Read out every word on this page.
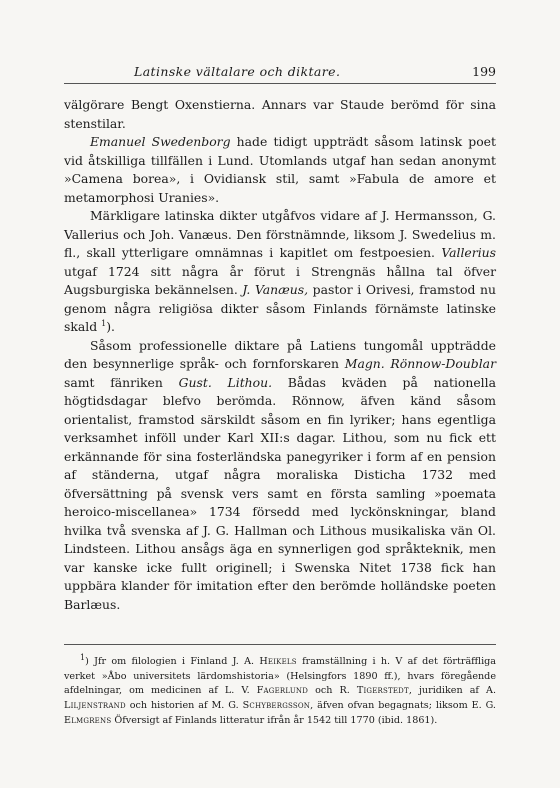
Latinske vältalare och diktare.	199

välgörare Bengt Oxenstierna. Annars var Staude berömd för sina stenstilar.

Emanuel Swedenborg hade tidigt uppträdt såsom latinsk poet vid åtskilliga tillfällen i Lund. Utomlands utgaf han sedan anonymt »Camena borea», i Ovidiansk stil, samt »Fabula de amore et metamorphosi Uranies».

Märkligare latinska dikter utgåfvos vidare af J. Hermansson, G. Vallerius och Joh. Vanæus. Den förstnämnde, liksom J. Swedelius m. fl., skall ytterligare omnämnas i kapitlet om festpoesien. Vallerius utgaf 1724 sitt några år förut i Strengnäs hållna tal öfver Augsburgiska bekännelsen. J. Vanæus, pastor i Orivesi, framstod nu genom några religiösa dikter såsom Finlands förnämste latinske skald $^1$).

Såsom professionelle diktare på Latiens tungomål uppträdde den besynnerlige språk- och fornforskaren Magn. Rönnow-Doublar samt fänriken Gust. Lithou. Bådas kväden på nationella högtidsdagar blefvo berömda. Rönnow, äfven känd såsom orientalist, framstod särskildt såsom en fin lyriker; hans egentliga verksamhet inföll under Karl XII:s dagar. Lithou, som nu fick ett erkännande för sina fosterländska panegyriker i form af en pension af ständerna, utgaf några moraliska Disticha 1732 med öfversättning på svensk vers samt en första samling »poemata heroico-miscellanea» 1734 försedd med lyckönskningar, bland hvilka två svenska af J. G. Hallman och Lithous musikaliska vän Ol. Lindsteen. Lithou ansågs äga en synnerligen god språkteknik, men var kanske icke fullt originell; i Swenska Nitet 1738 fick han uppbära klander för imitation efter den berömde holländske poeten Barlæus.

$^1$) Jfr om filologien i Finland J. A. Heikels framställning i h. V af det förträffliga verket »Åbo universitets lärdomshistoria» (Helsingfors 1890 ff.), hvars föregående afdelningar, om medicinen af L. V. Fagerlund och R. Tigerstedt, juridiken af A. Liljenstrand och historien af M. G. Schybergsson, äfven ofvan begagnats; liksom E. G. Elmgrens Öfversigt af Finlands litteratur ifrån år 1542 till 1770 (ibid. 1861).
